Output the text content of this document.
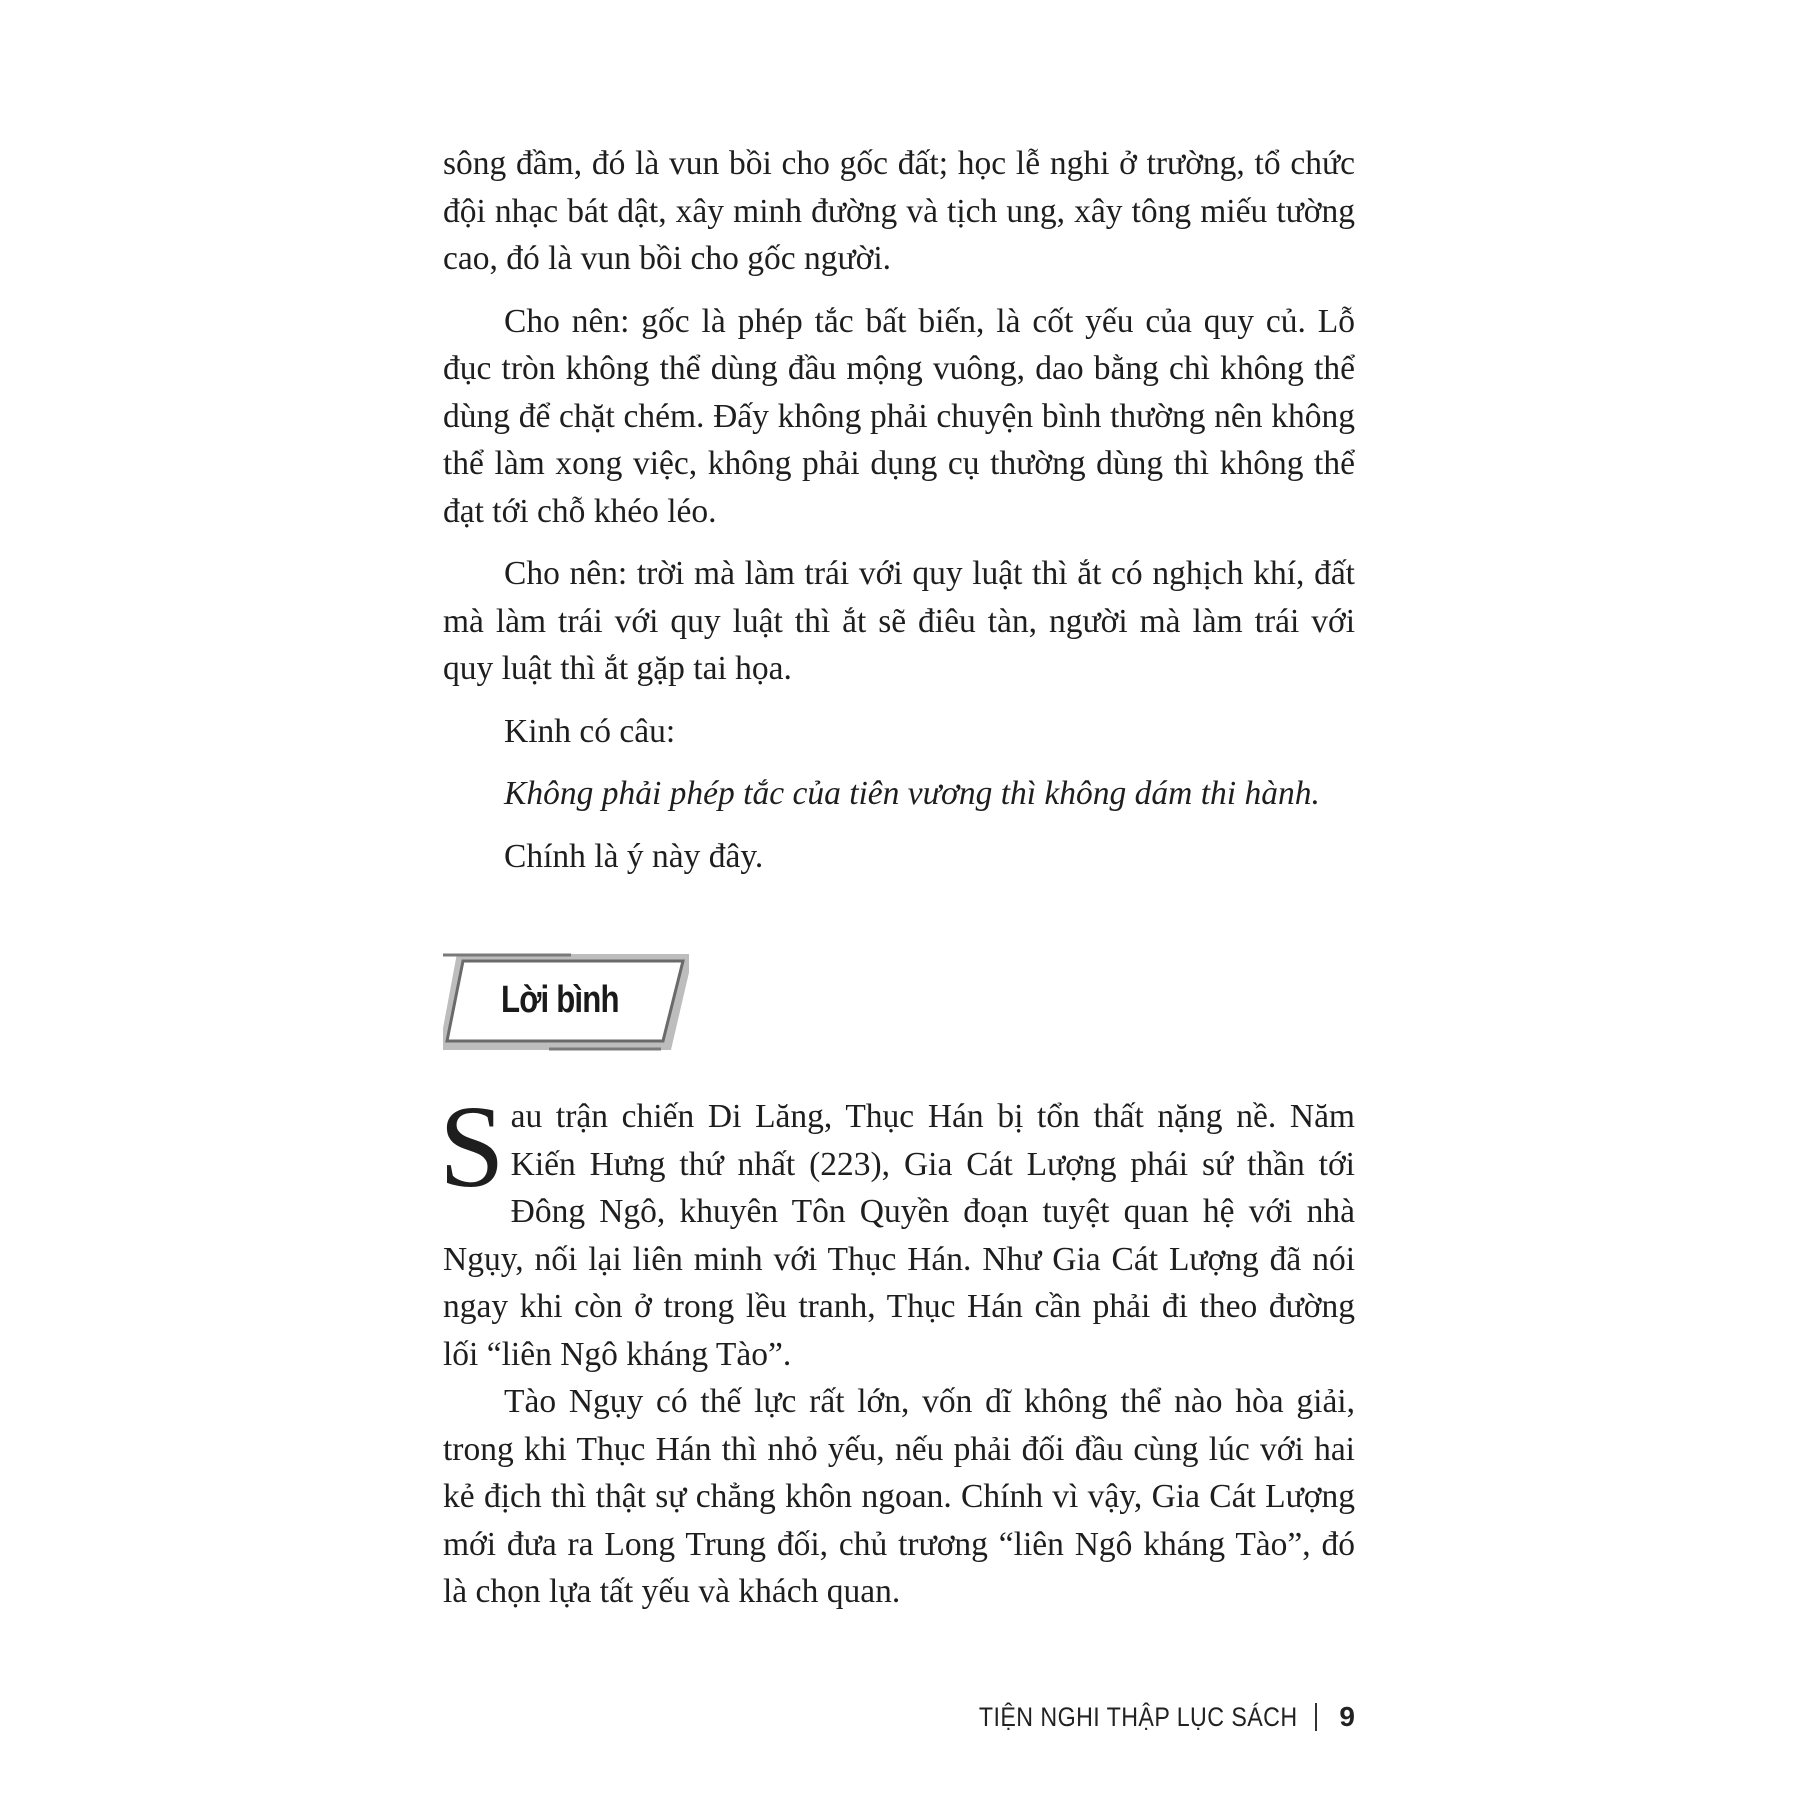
sông đầm, đó là vun bồi cho gốc đất; học lễ nghi ở trường, tổ chức đội nhạc bát dật, xây minh đường và tịch ung, xây tông miếu tường cao, đó là vun bồi cho gốc người.

Cho nên: gốc là phép tắc bất biến, là cốt yếu của quy củ. Lỗ đục tròn không thể dùng đầu mộng vuông, dao bằng chì không thể dùng để chặt chém. Đấy không phải chuyện bình thường nên không thể làm xong việc, không phải dụng cụ thường dùng thì không thể đạt tới chỗ khéo léo.

Cho nên: trời mà làm trái với quy luật thì ắt có nghịch khí, đất mà làm trái với quy luật thì ắt sẽ điêu tàn, người mà làm trái với quy luật thì ắt gặp tai họa.

Kinh có câu:

Không phải phép tắc của tiên vương thì không dám thi hành.

Chính là ý này đây.

Lời bình

Sau trận chiến Di Lăng, Thục Hán bị tổn thất nặng nề. Năm Kiến Hưng thứ nhất (223), Gia Cát Lượng phái sứ thần tới Đông Ngô, khuyên Tôn Quyền đoạn tuyệt quan hệ với nhà Ngụy, nối lại liên minh với Thục Hán. Như Gia Cát Lượng đã nói ngay khi còn ở trong lều tranh, Thục Hán cần phải đi theo đường lối “liên Ngô kháng Tào”.

Tào Ngụy có thế lực rất lớn, vốn dĩ không thể nào hòa giải, trong khi Thục Hán thì nhỏ yếu, nếu phải đối đầu cùng lúc với hai kẻ địch thì thật sự chẳng khôn ngoan. Chính vì vậy, Gia Cát Lượng mới đưa ra Long Trung đối, chủ trương “liên Ngô kháng Tào”, đó là chọn lựa tất yếu và khách quan.

TIỆN NGHI THẬP LỤC SÁCH 9
